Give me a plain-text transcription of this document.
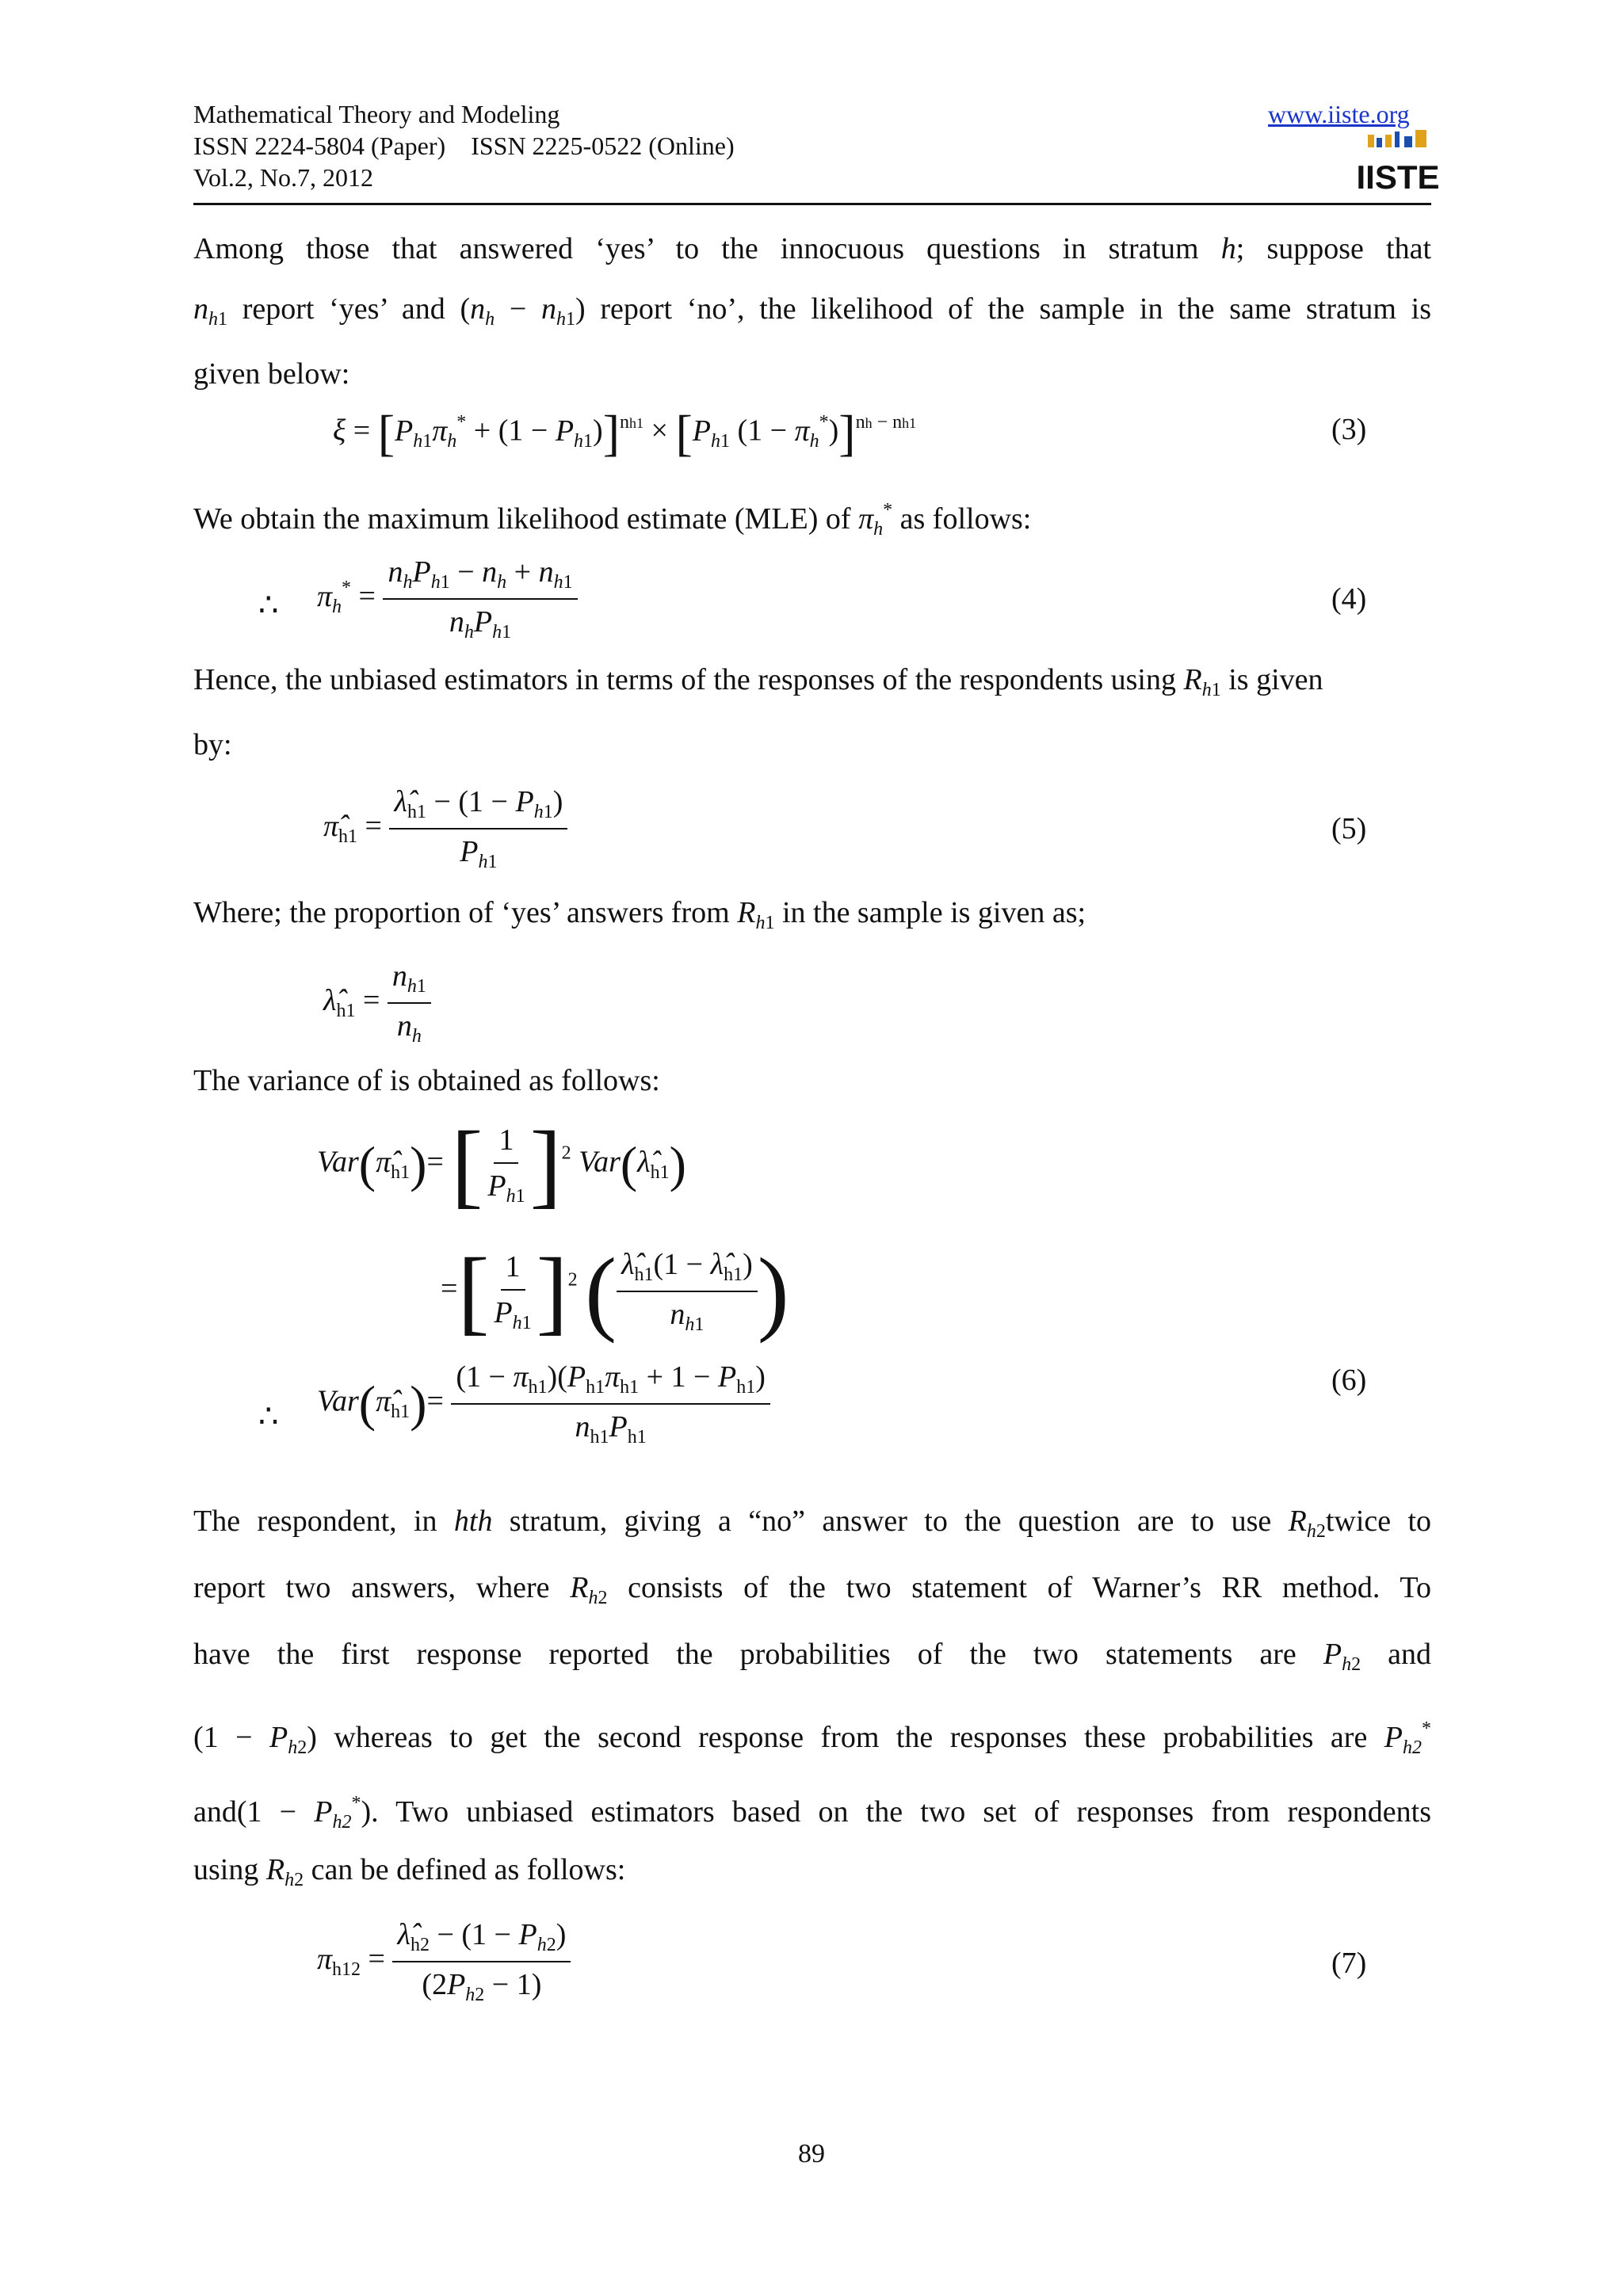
Mathematical Theory and Modeling
ISSN 2224-5804 (Paper)    ISSN 2225-0522 (Online)
Vol.2, No.7, 2012
www.iiste.org
IISTE
Among those that answered ‘yes’ to the innocuous questions in stratum h; suppose that
$n_{h1}$ report ‘yes’ and $(n_h - n_{h1})$ report ‘no’, the likelihood of the sample in the same stratum is
given below:
$\xi = [P_{h1}\pi_h^* + (1 - P_{h1})]^{nh1} \times [P_{h1}$ $(1 - \pi_h^*)]^{nh - nh1}$	(3)
We obtain the maximum likelihood estimate (MLE) of $\pi_h^*$ as follows:
∴ $\pi_h^* = \frac{n_hP_{h1} - n_h + n_{h1}}{n_hP_{h1}}$	(4)
Hence, the unbiased estimators in terms of the responses of the respondents using $R_{h1}$ is given
by:
$\pî_{h1} = \frac{\lambdâ_{h1} - (1 - P_{h1})}{P_{h1}}$	(5)
Where; the proportion of ‘yes’ answers from $R_{h1}$ in the sample is given as;
$\lambdâ_{h1} = \frac{n_{h1}}{n_h}$
The variance of is obtained as follows:
$Var(\pî_{h1})=$ [ $\frac{1}{P_{h1}} ]^2$ $Var(\lambdâ_{h1})$
=[ $\frac{1}{P_{h1}} ]^2$ ( $\frac{\lambdâ_{h1}(1 - \lambdâ_{h1})}{n_{h1}}$ )
∴ $Var(\pî_{h1})= \frac{(1 - \pi_{h1})(P_{h1}\pi_{h1} + 1 - P_{h1})}{n_{h1}P_{h1}}$	(6)
The respondent, in hth stratum, giving a “no” answer to the question are to use $R_{h2}twice$ to
report two answers, where $R_{h2}$ consists of the two statement of Warner’s RR method. To
have the first response reported the probabilities of the two statements are $P_{h2}$ and
$(1 - P_{h2})$ whereas to get the second response from the responses these probabilities are $P_{h2}^*$
$and(1 - P_{h2}^*)$. Two unbiased estimators based on the two set of responses from respondents
using $R_{h2}$ can be defined as follows:
$\pi_{h12} = \frac{\lambdâ_{h2} - (1 - P_{h2})}{(2P_{h2} - 1)}$	(7)
89
